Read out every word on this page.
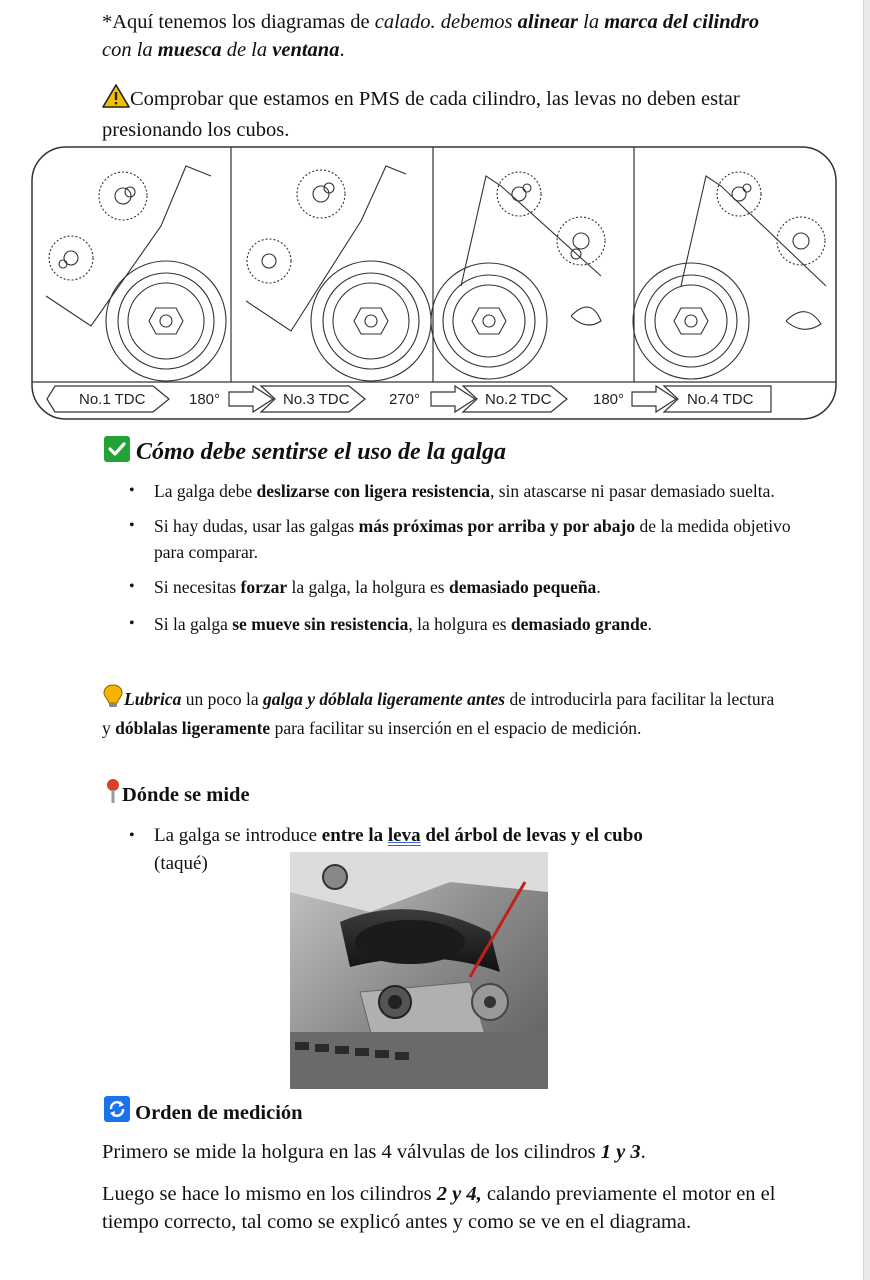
*Aquí tenemos los diagramas de calado. debemos alinear la marca del cilindro con la muesca de la ventana.

Comprobar que estamos en PMS de cada cilindro, las levas no deben estar presionando los cubos.

No.1 TDC	180°	No.3 TDC	270°	No.2 TDC	180°	No.4 TDC
Cómo debe sentirse el uso de la galga
• La galga debe deslizarse con ligera resistencia, sin atascarse ni pasar demasiado suelta.
• Si hay dudas, usar las galgas más próximas por arriba y por abajo de la medida objetivo para comparar.
• Si necesitas forzar la galga, la holgura es demasiado pequeña.
• Si la galga se mueve sin resistencia, la holgura es demasiado grande.

Lubrica un poco la galga y dóblala ligeramente antes de introducirla para facilitar la lectura y dóblalas ligeramente para facilitar su inserción en el espacio de medición.

Dónde se mide
• La galga se introduce entre la leva del árbol de levas y el cubo
(taqué)
Orden de medición

Primero se mide la holgura en las 4 válvulas de los cilindros 1 y 3.

Luego se hace lo mismo en los cilindros 2 y 4, calando previamente el motor en el tiempo correcto, tal como se explicó antes y como se ve en el diagrama.
